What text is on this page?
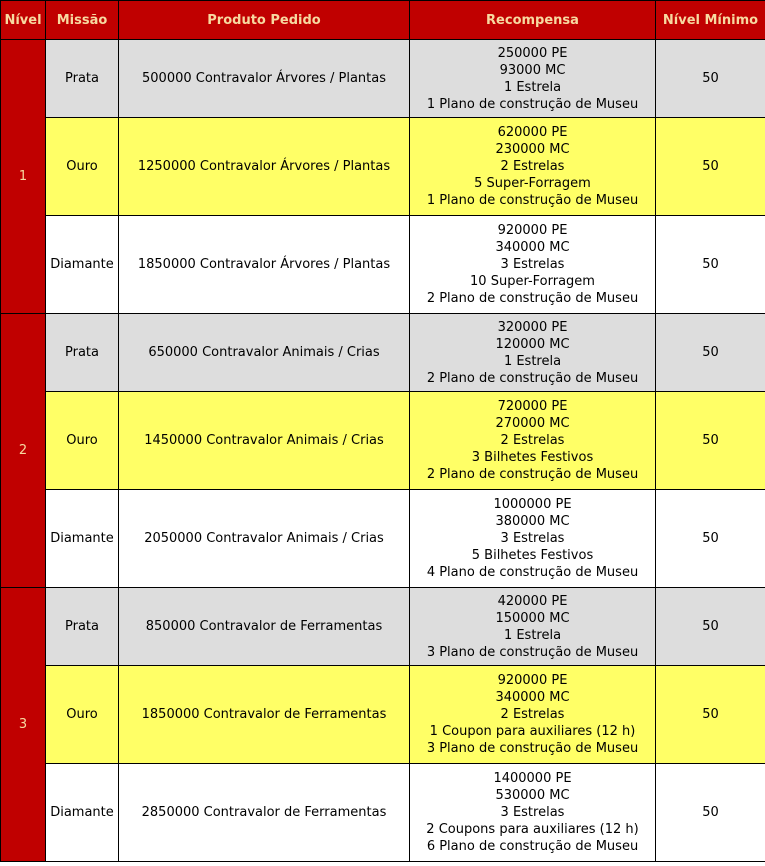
Nível	Missão	Produto Pedido	Recompensa	Nível Mínimo
1	Prata	500000 Contravalor Árvores / Plantas	250000 PE
93000 MC
1 Estrela
1 Plano de construção de Museu	50
	Ouro	1250000 Contravalor Árvores / Plantas	620000 PE
230000 MC
2 Estrelas
5 Super-Forragem
1 Plano de construção de Museu	50
	Diamante	1850000 Contravalor Árvores / Plantas	920000 PE
340000 MC
3 Estrelas
10 Super-Forragem
2 Plano de construção de Museu	50
2	Prata	650000 Contravalor Animais / Crias	320000 PE
120000 MC
1 Estrela
2 Plano de construção de Museu	50
	Ouro	1450000 Contravalor Animais / Crias	720000 PE
270000 MC
2 Estrelas
3 Bilhetes Festivos
2 Plano de construção de Museu	50
	Diamante	2050000 Contravalor Animais / Crias	1000000 PE
380000 MC
3 Estrelas
5 Bilhetes Festivos
4 Plano de construção de Museu	50
3	Prata	850000 Contravalor de Ferramentas	420000 PE
150000 MC
1 Estrela
3 Plano de construção de Museu	50
	Ouro	1850000 Contravalor de Ferramentas	920000 PE
340000 MC
2 Estrelas
1 Coupon para auxiliares (12 h)
3 Plano de construção de Museu	50
	Diamante	2850000 Contravalor de Ferramentas	1400000 PE
530000 MC
3 Estrelas
2 Coupons para auxiliares (12 h)
6 Plano de construção de Museu	50
